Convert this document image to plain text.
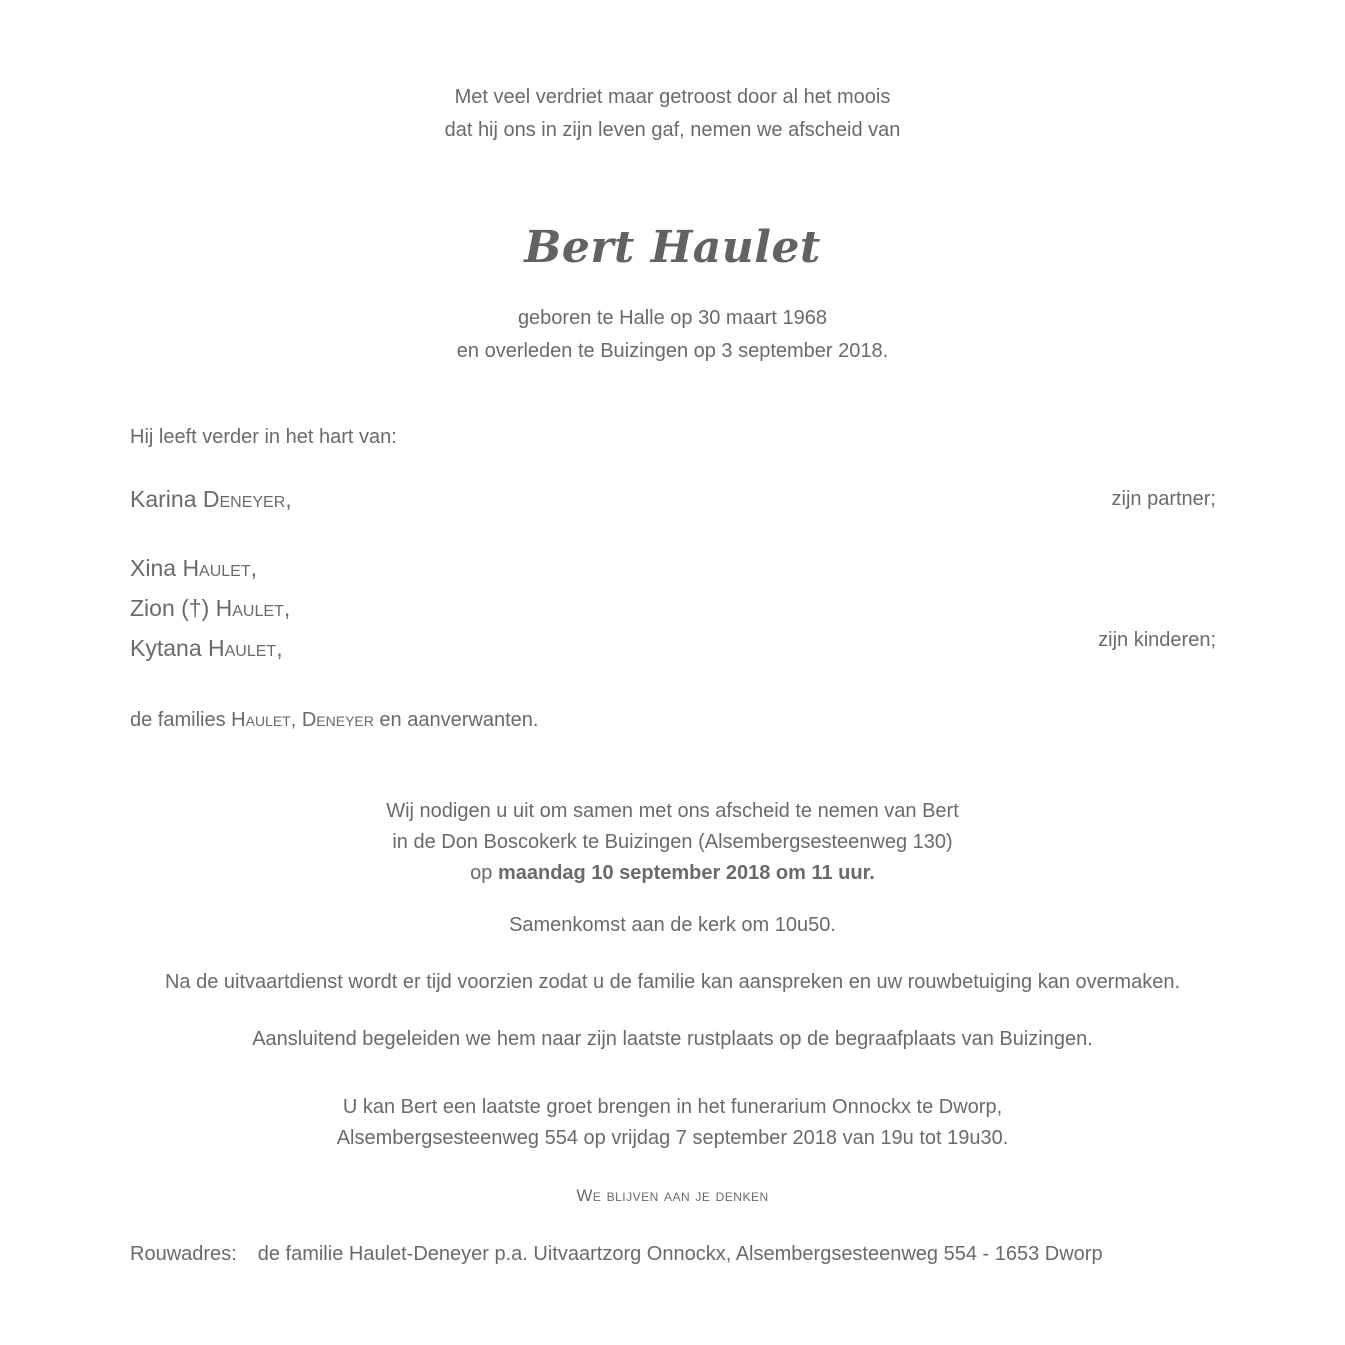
Met veel verdriet maar getroost door al het moois
dat hij ons in zijn leven gaf, nemen we afscheid van
Bert Haulet
geboren te Halle op 30 maart 1968
en overleden te Buizingen op 3 september 2018.
Hij leeft verder in het hart van:
Karina Deneyer,	zijn partner;
Xina Haulet,
Zion (†) Haulet,
Kytana Haulet,	zijn kinderen;
de families Haulet, Deneyer en aanverwanten.
Wij nodigen u uit om samen met ons afscheid te nemen van Bert
in de Don Boscokerk te Buizingen (Alsembergsesteenweg 130)
op maandag 10 september 2018 om 11 uur.
Samenkomst aan de kerk om 10u50.
Na de uitvaartdienst wordt er tijd voorzien zodat u de familie kan aanspreken en uw rouwbetuiging kan overmaken.
Aansluitend begeleiden we hem naar zijn laatste rustplaats op de begraafplaats van Buizingen.
U kan Bert een laatste groet brengen in het funerarium Onnockx te Dworp,
Alsembergsesteenweg 554 op vrijdag 7 september 2018 van 19u tot 19u30.
We blijven aan je denken
Rouwadres: de familie Haulet-Deneyer p.a. Uitvaartzorg Onnockx, Alsembergsesteenweg 554 - 1653 Dworp
